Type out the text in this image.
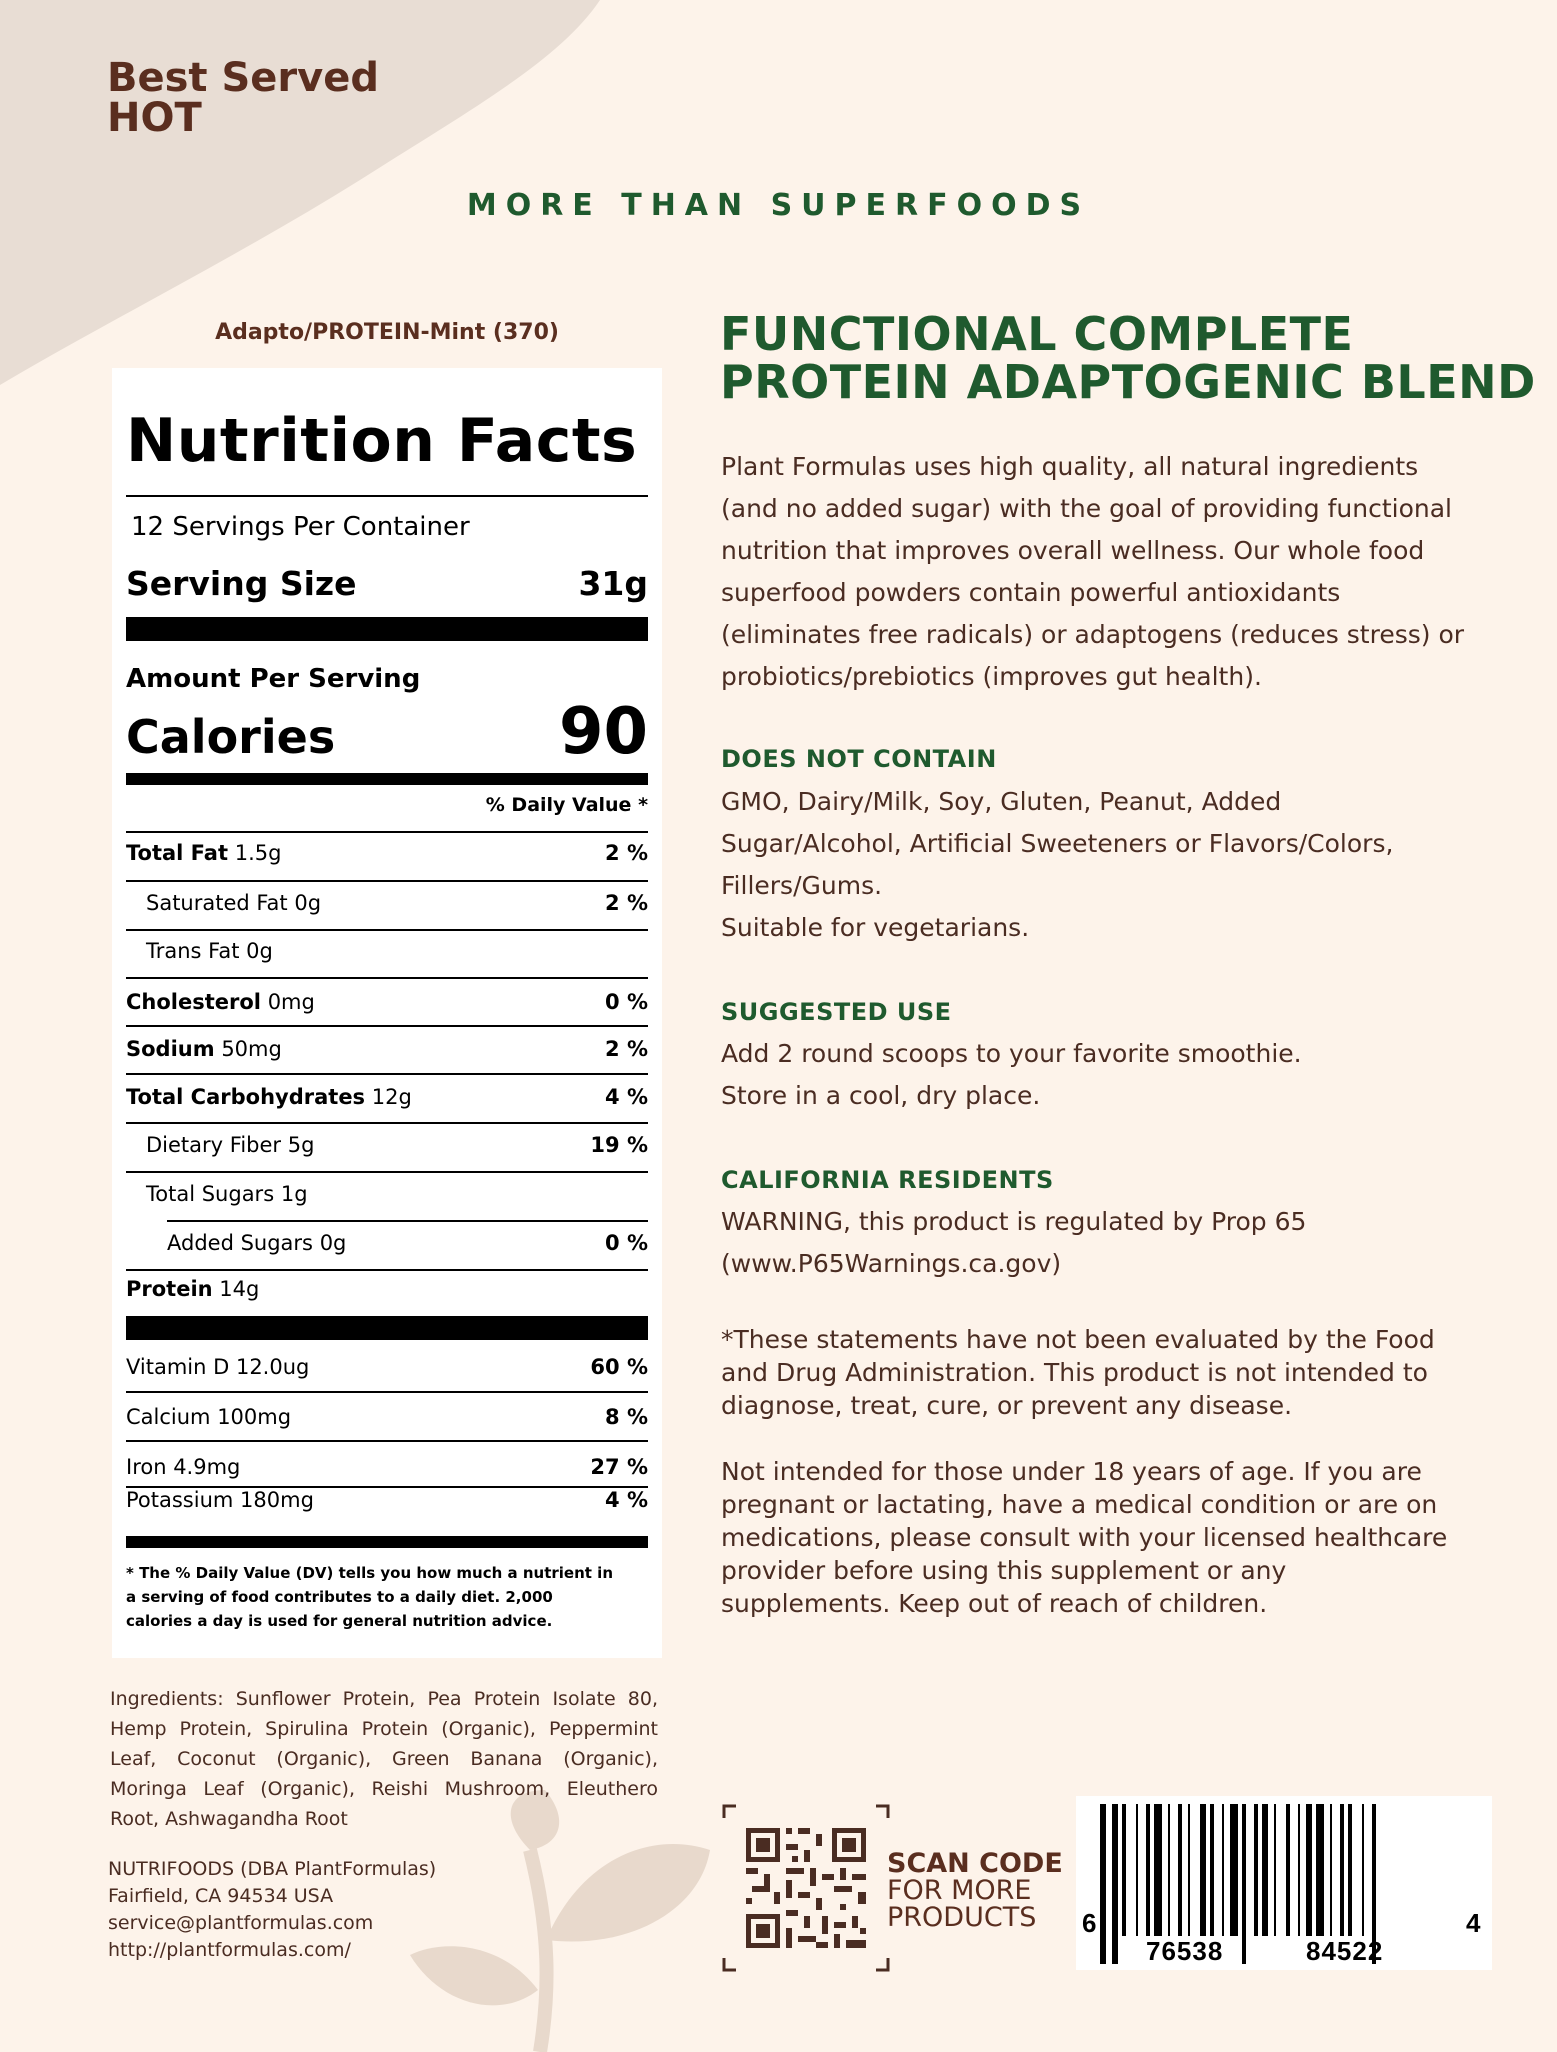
Best Served
HOT
MORE THAN SUPERFOODS
Adapto/PROTEIN-Mint (370)
Nutrition Facts
12 Servings Per Container
Serving Size	31g
Amount Per Serving
Calories	90
% Daily Value *
Total Fat 1.5g	2 %
Saturated Fat 0g	2 %
Trans Fat 0g
Cholesterol 0mg	0 %
Sodium 50mg	2 %
Total Carbohydrates 12g	4 %
Dietary Fiber 5g	19 %
Total Sugars 1g
Added Sugars 0g	0 %
Protein 14g
Vitamin D 12.0ug	60 %
Calcium 100mg	8 %
Iron 4.9mg	27 %
Potassium 180mg	4 %
* The % Daily Value (DV) tells you how much a nutrient in a serving of food contributes to a daily diet. 2,000 calories a day is used for general nutrition advice.
FUNCTIONAL COMPLETE
PROTEIN ADAPTOGENIC BLEND
Plant Formulas uses high quality, all natural ingredients (and no added sugar) with the goal of providing functional nutrition that improves overall wellness. Our whole food superfood powders contain powerful antioxidants (eliminates free radicals) or adaptogens (reduces stress) or probiotics/prebiotics (improves gut health).
DOES NOT CONTAIN
GMO, Dairy/Milk, Soy, Gluten, Peanut, Added Sugar/Alcohol, Artificial Sweeteners or Flavors/Colors, Fillers/Gums.
Suitable for vegetarians.
SUGGESTED USE
Add 2 round scoops to your favorite smoothie.
Store in a cool, dry place.
CALIFORNIA RESIDENTS
WARNING, this product is regulated by Prop 65
(www.P65Warnings.ca.gov)
*These statements have not been evaluated by the Food and Drug Administration. This product is not intended to diagnose, treat, cure, or prevent any disease.
Not intended for those under 18 years of age. If you are pregnant or lactating, have a medical condition or are on medications, please consult with your licensed healthcare provider before using this supplement or any supplements. Keep out of reach of children.
Ingredients: Sunflower Protein, Pea Protein Isolate 80, Hemp Protein, Spirulina Protein (Organic), Peppermint Leaf, Coconut (Organic), Green Banana (Organic), Moringa Leaf (Organic), Reishi Mushroom, Eleuthero Root, Ashwagandha Root
NUTRIFOODS (DBA PlantFormulas)
Fairfield, CA 94534 USA
service@plantformulas.com
http://plantformulas.com/
SCAN CODE
FOR MORE
PRODUCTS	6
76538	84522
4
